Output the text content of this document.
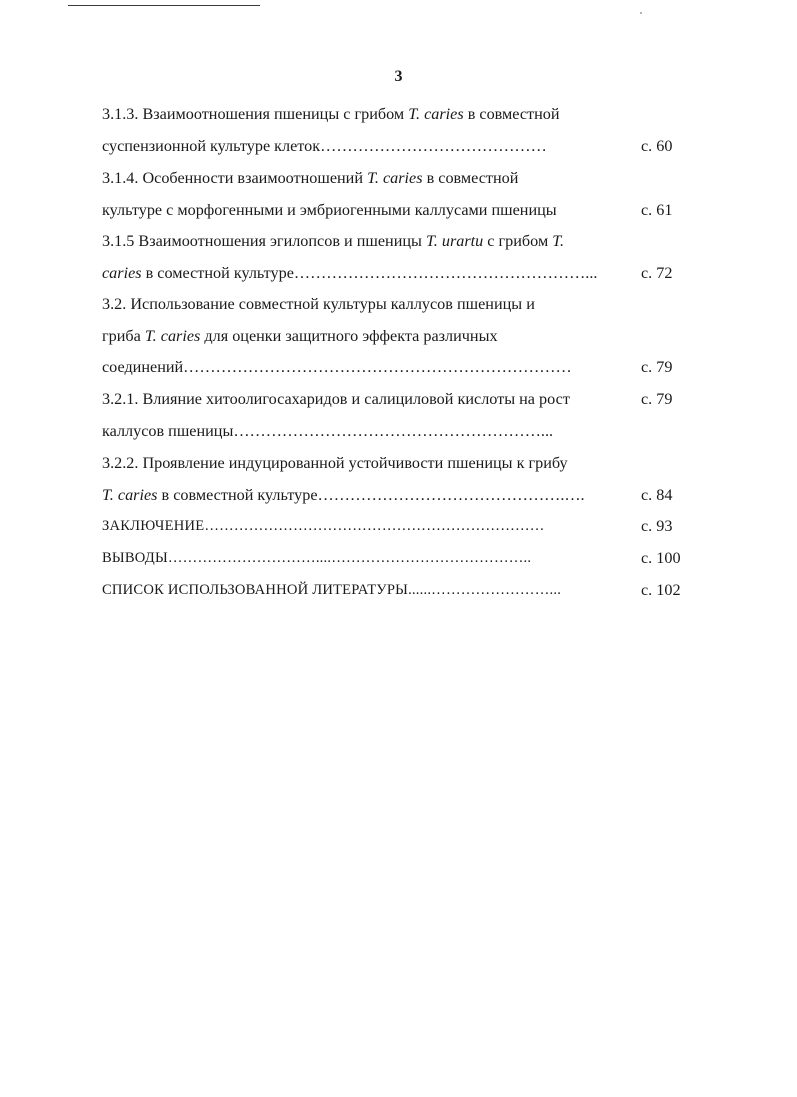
3
3.1.3. Взаимоотношения пшеницы с грибом T. caries в совместной
суспензионной культуре клеток……………………………………	с. 60
3.1.4. Особенности взаимоотношений T. caries в совместной
культуре с морфогенными и эмбриогенными каллусами пшеницы	с. 61
3.1.5 Взаимоотношения эгилопсов и пшеницы T. urartu с грибом T.
caries в соместной культуре………………………………………………...	с. 72
3.2. Использование совместной культуры каллусов пшеницы и
гриба T. caries для оценки защитного эффекта различных
соединений………………………………………………………………	с. 79
3.2.1. Влияние хитоолигосахаридов и салициловой кислоты на рост	с. 79
каллусов пшеницы…………………………………………………...
3.2.2. Проявление индуцированной устойчивости пшеницы к грибу
T. caries в совместной культуре……………………………………….….	с. 84
ЗАКЛЮЧЕНИЕ……………………………………………………………	с. 93
ВЫВОДЫ…………………………....…………………………………..	с. 100
СПИСОК ИСПОЛЬЗОВАННОЙ ЛИТЕРАТУРЫ......……………………...	с. 102
